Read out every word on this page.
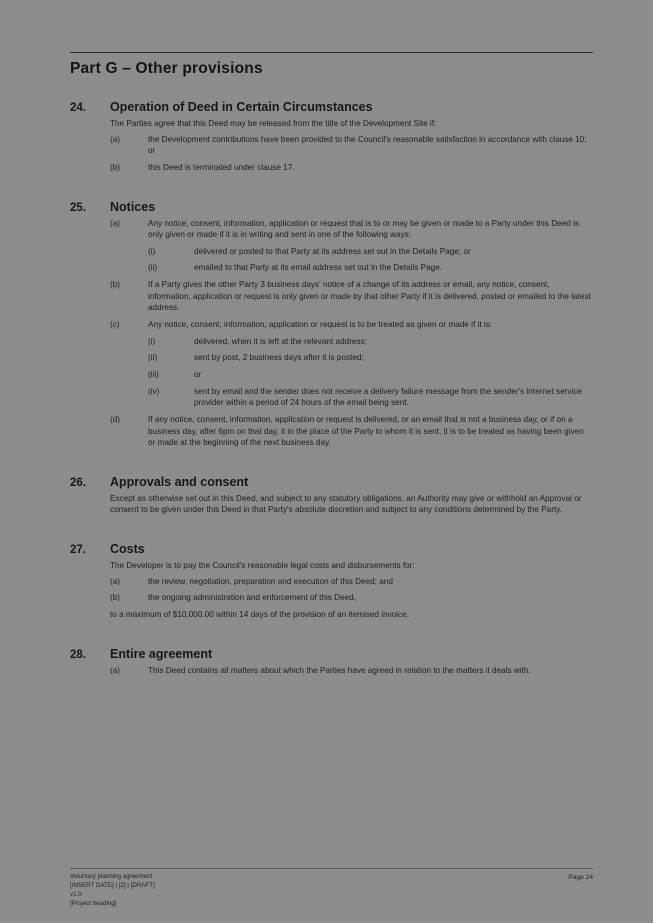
Part G – Other provisions
24.	Operation of Deed in Certain Circumstances
The Parties agree that this Deed may be released from the title of the Development Site if:
(a)	the Development contributions have been provided to the Council's reasonable satisfaction in accordance with clause 10; or
(b)	this Deed is terminated under clause 17.
25.	Notices
(a)	Any notice, consent, information, application or request that is to or may be given or made to a Party under this Deed is only given or made if it is in writing and sent in one of the following ways:
(i)	delivered or posted to that Party at its address set out in the Details Page; or
(ii)	emailed to that Party at its email address set out in the Details Page.
(b)	If a Party gives the other Party 3 business days' notice of a change of its address or email, any notice, consent, information, application or request is only given or made by that other Party if it is delivered, posted or emailed to the latest address.
(c)	Any notice, consent, information, application or request is to be treated as given or made if it is:
(i)	delivered, when it is left at the relevant address;
(ii)	sent by post, 2 business days after it is posted;
(iii)	or
(iv)	sent by email and the sender does not receive a delivery failure message from the sender's internet service provider within a period of 24 hours of the email being sent.
(d)	If any notice, consent, information, application or request is delivered, or an email that is not a business day, or if on a business day, after 6pm on that day, it in the place of the Party to whom it is sent, it is to be treated as having been given or made at the beginning of the next business day.
26.	Approvals and consent
Except as otherwise set out in this Deed, and subject to any statutory obligations, an Authority may give or withhold an Approval or consent to be given under this Deed in that Party's absolute discretion and subject to any conditions determined by the Party.
27.	Costs
The Developer is to pay the Council's reasonable legal costs and disbursements for:
(a)	the review, negotiation, preparation and execution of this Deed; and
(b)	the ongoing administration and enforcement of this Deed,
to a maximum of $10,000.00 within 14 days of the provision of an itemised invoice.
28.	Entire agreement
(a)	This Deed contains all matters about which the Parties have agreed in relation to the matters it deals with.
Voluntary planning agreement
[INSERT DATE] | [2] | [DRAFT]
v1.0
[Project heading]
Page 24
